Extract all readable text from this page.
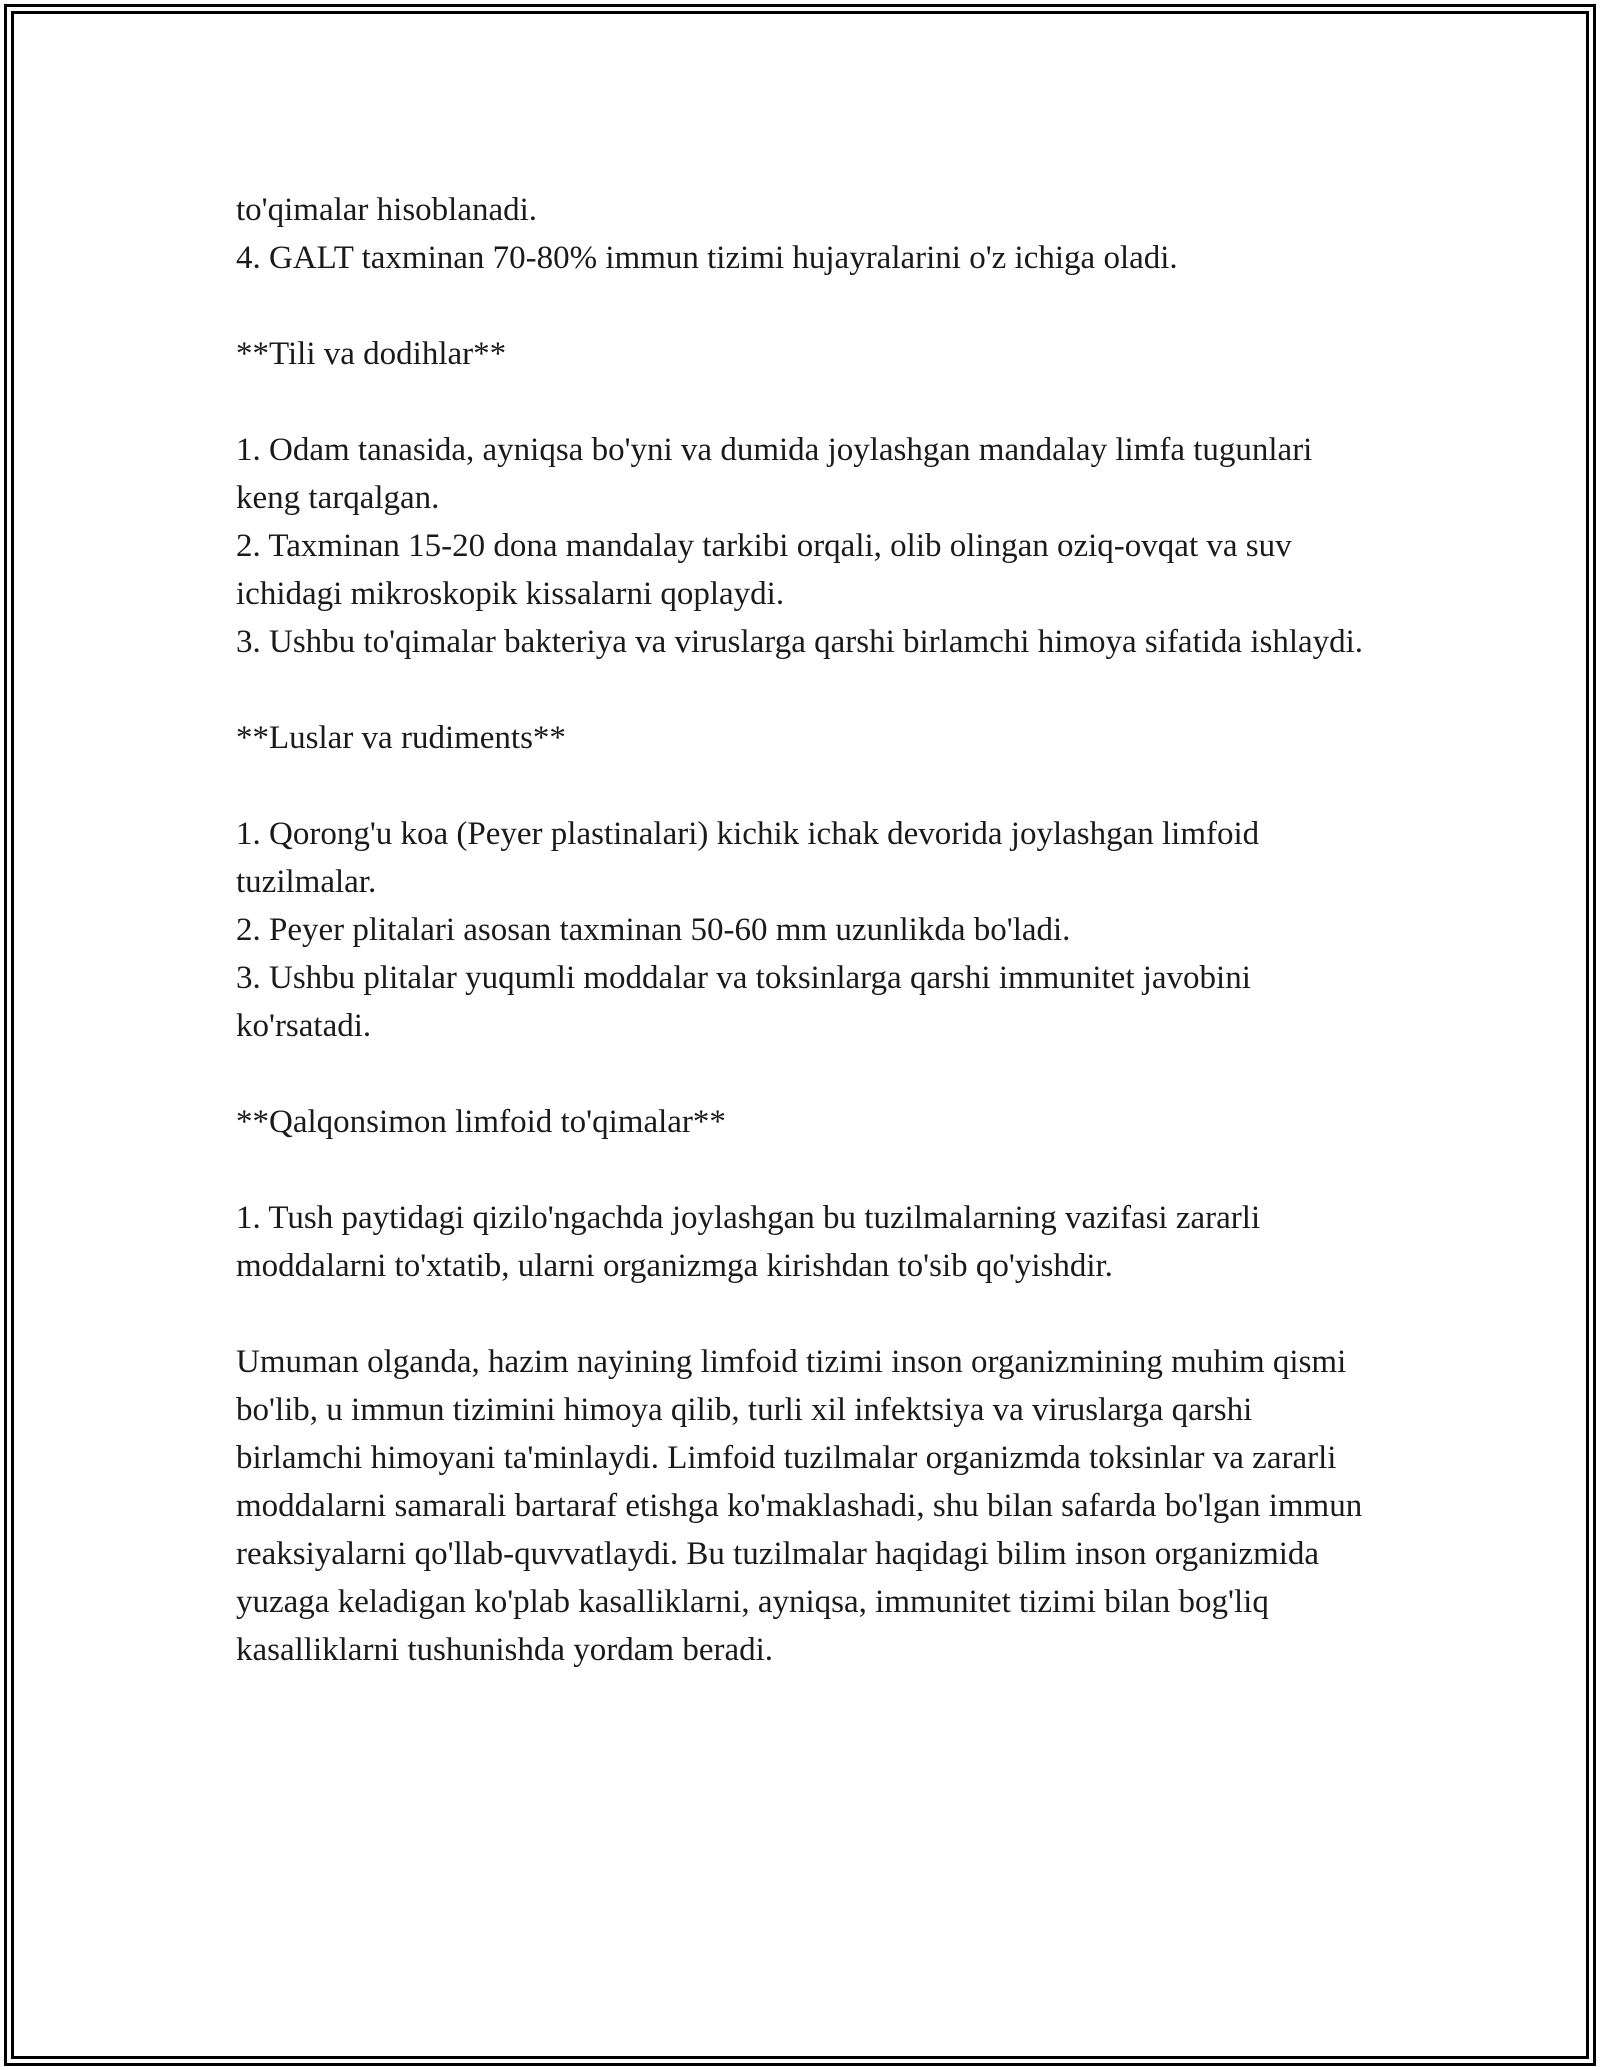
to'qimalar hisoblanadi.

4. GALT taxminan 70-80% immun tizimi hujayralarini o'z ichiga oladi.

**Tili va dodihlar**

1. Odam tanasida, ayniqsa bo'yni va dumida joylashgan mandalay limfa tugunlari keng tarqalgan.

2. Taxminan 15-20 dona mandalay tarkibi orqali, olib olingan oziq-ovqat va suv ichidagi mikroskopik kissalarni qoplaydi.

3. Ushbu to'qimalar bakteriya va viruslarga qarshi birlamchi himoya sifatida ishlaydi.

**Luslar va rudiments**

1. Qorong'u koa (Peyer plastinalari) kichik ichak devorida joylashgan limfoid tuzilmalar.

2. Peyer plitalari asosan taxminan 50-60 mm uzunlikda bo'ladi.

3. Ushbu plitalar yuqumli moddalar va toksinlarga qarshi immunitet javobini ko'rsatadi.

**Qalqonsimon limfoid to'qimalar**

1. Tush paytidagi qizilo'ngachda joylashgan bu tuzilmalarning vazifasi zararli moddalarni to'xtatib, ularni organizmga kirishdan to'sib qo'yishdir.

Umuman olganda, hazim nayining limfoid tizimi inson organizmining muhim qismi bo'lib, u immun tizimini himoya qilib, turli xil infektsiya va viruslarga qarshi birlamchi himoyani ta'minlaydi. Limfoid tuzilmalar organizmda toksinlar va zararli moddalarni samarali bartaraf etishga ko'maklashadi, shu bilan safarda bo'lgan immun reaksiyalarni qo'llab-quvvatlaydi. Bu tuzilmalar haqidagi bilim inson organizmida yuzaga keladigan ko'plab kasalliklarni, ayniqsa, immunitet tizimi bilan bog'liq kasalliklarni tushunishda yordam beradi.
